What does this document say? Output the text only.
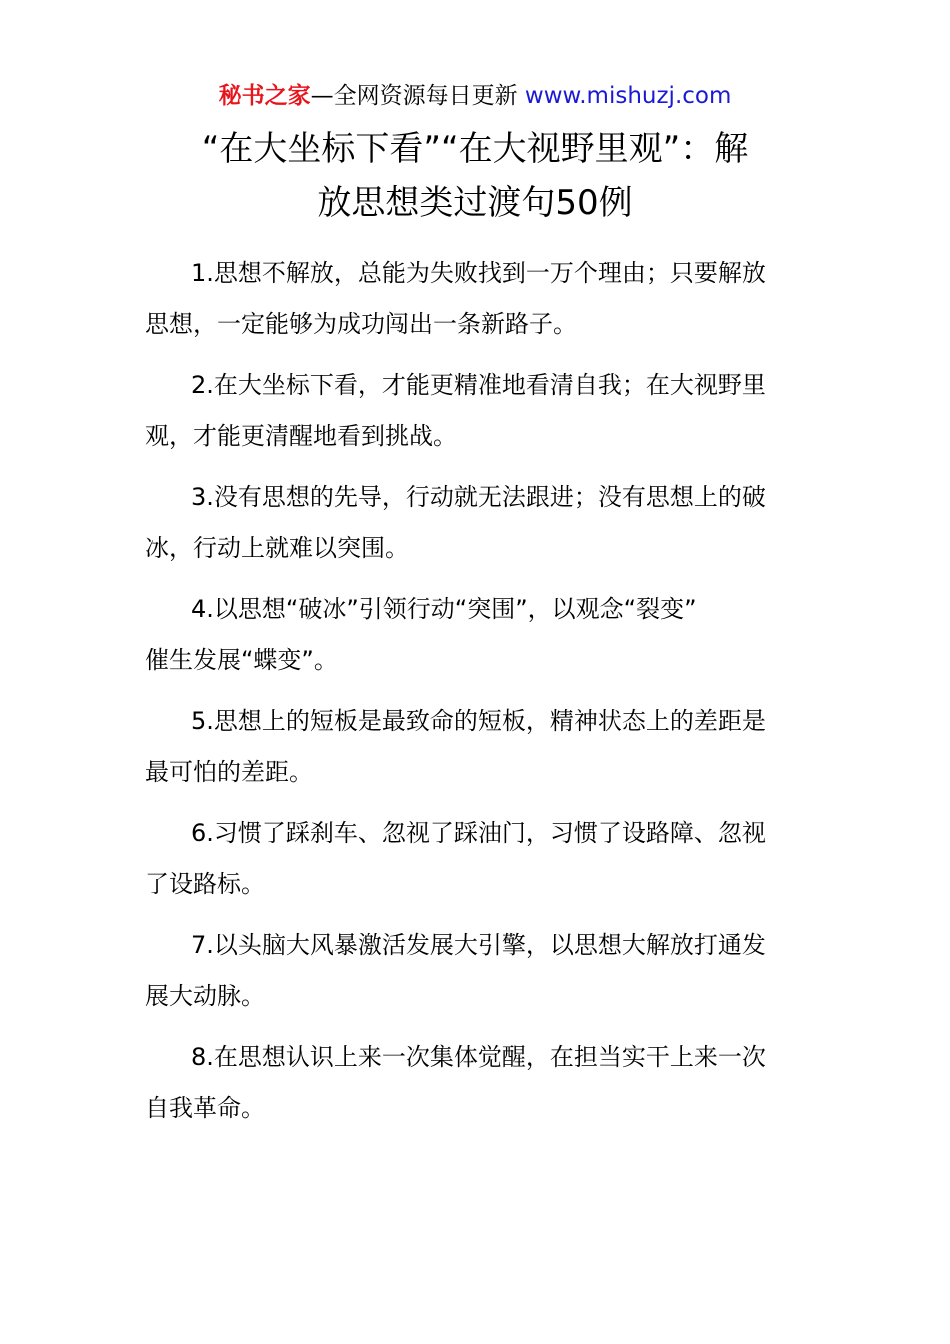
秘书之家—全网资源每日更新 www.mishuzj.com
“在大坐标下看”“在大视野里观”：解
放思想类过渡句50例
1.思想不解放，总能为失败找到一万个理由；只要解放
思想，一定能够为成功闯出一条新路子。
2.在大坐标下看，才能更精准地看清自我；在大视野里
观，才能更清醒地看到挑战。
3.没有思想的先导，行动就无法跟进；没有思想上的破
冰，行动上就难以突围。
4.以思想“破冰”引领行动“突围”，以观念“裂变”
催生发展“蝶变”。
5.思想上的短板是最致命的短板，精神状态上的差距是
最可怕的差距。
6.习惯了踩刹车、忽视了踩油门，习惯了设路障、忽视
了设路标。
7.以头脑大风暴激活发展大引擎，以思想大解放打通发
展大动脉。
8.在思想认识上来一次集体觉醒，在担当实干上来一次
自我革命。
